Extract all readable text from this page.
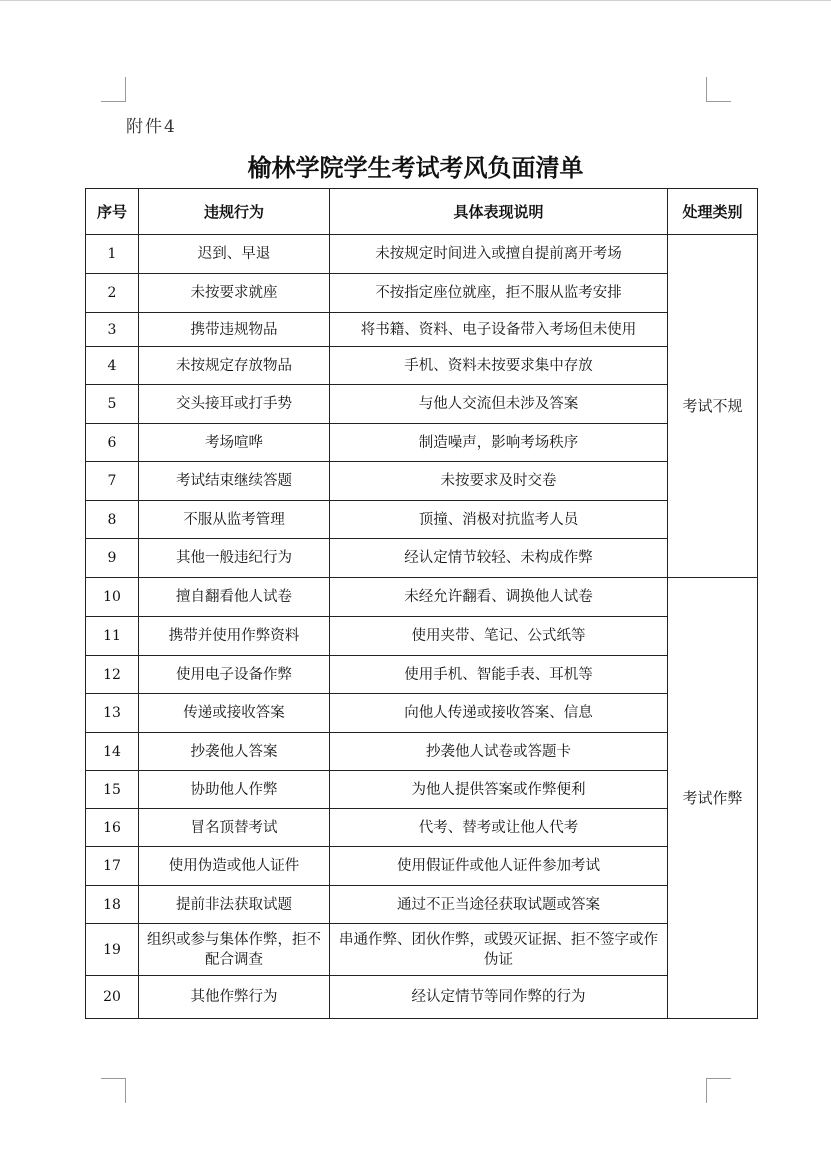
附件4
榆林学院学生考试考风负面清单
序号	违规行为	具体表现说明	处理类别
1	迟到、早退	未按规定时间进入或擅自提前离开考场	考试不规
2	未按要求就座	不按指定座位就座，拒不服从监考安排	
3	携带违规物品	将书籍、资料、电子设备带入考场但未使用	
4	未按规定存放物品	手机、资料未按要求集中存放	
5	交头接耳或打手势	与他人交流但未涉及答案	
6	考场喧哗	制造噪声，影响考场秩序	
7	考试结束继续答题	未按要求及时交卷	
8	不服从监考管理	顶撞、消极对抗监考人员	
9	其他一般违纪行为	经认定情节较轻、未构成作弊	
10	擅自翻看他人试卷	未经允许翻看、调换他人试卷	考试作弊
11	携带并使用作弊资料	使用夹带、笔记、公式纸等	
12	使用电子设备作弊	使用手机、智能手表、耳机等	
13	传递或接收答案	向他人传递或接收答案、信息	
14	抄袭他人答案	抄袭他人试卷或答题卡	
15	协助他人作弊	为他人提供答案或作弊便利	
16	冒名顶替考试	代考、替考或让他人代考	
17	使用伪造或他人证件	使用假证件或他人证件参加考试	
18	提前非法获取试题	通过不正当途径获取试题或答案	
19	组织或参与集体作弊，拒不配合调查	串通作弊、团伙作弊，或毁灭证据、拒不签字或作伪证	
20	其他作弊行为	经认定情节等同作弊的行为	
